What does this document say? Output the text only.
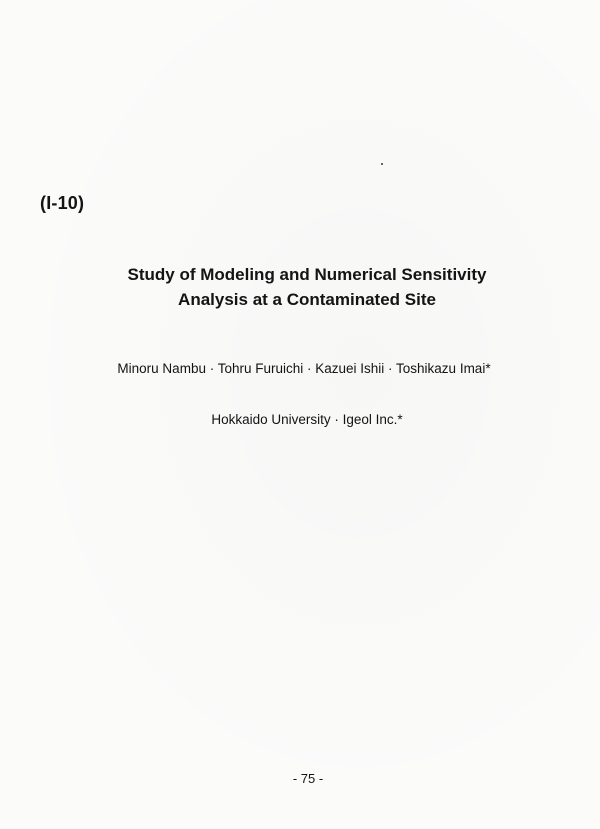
(I-10)
Study of Modeling and Numerical Sensitivity
Analysis at a Contaminated Site
Minoru Nambu · Tohru Furuichi · Kazuei Ishii · Toshikazu Imai*
Hokkaido University · Igeol Inc.*
- 75 -
